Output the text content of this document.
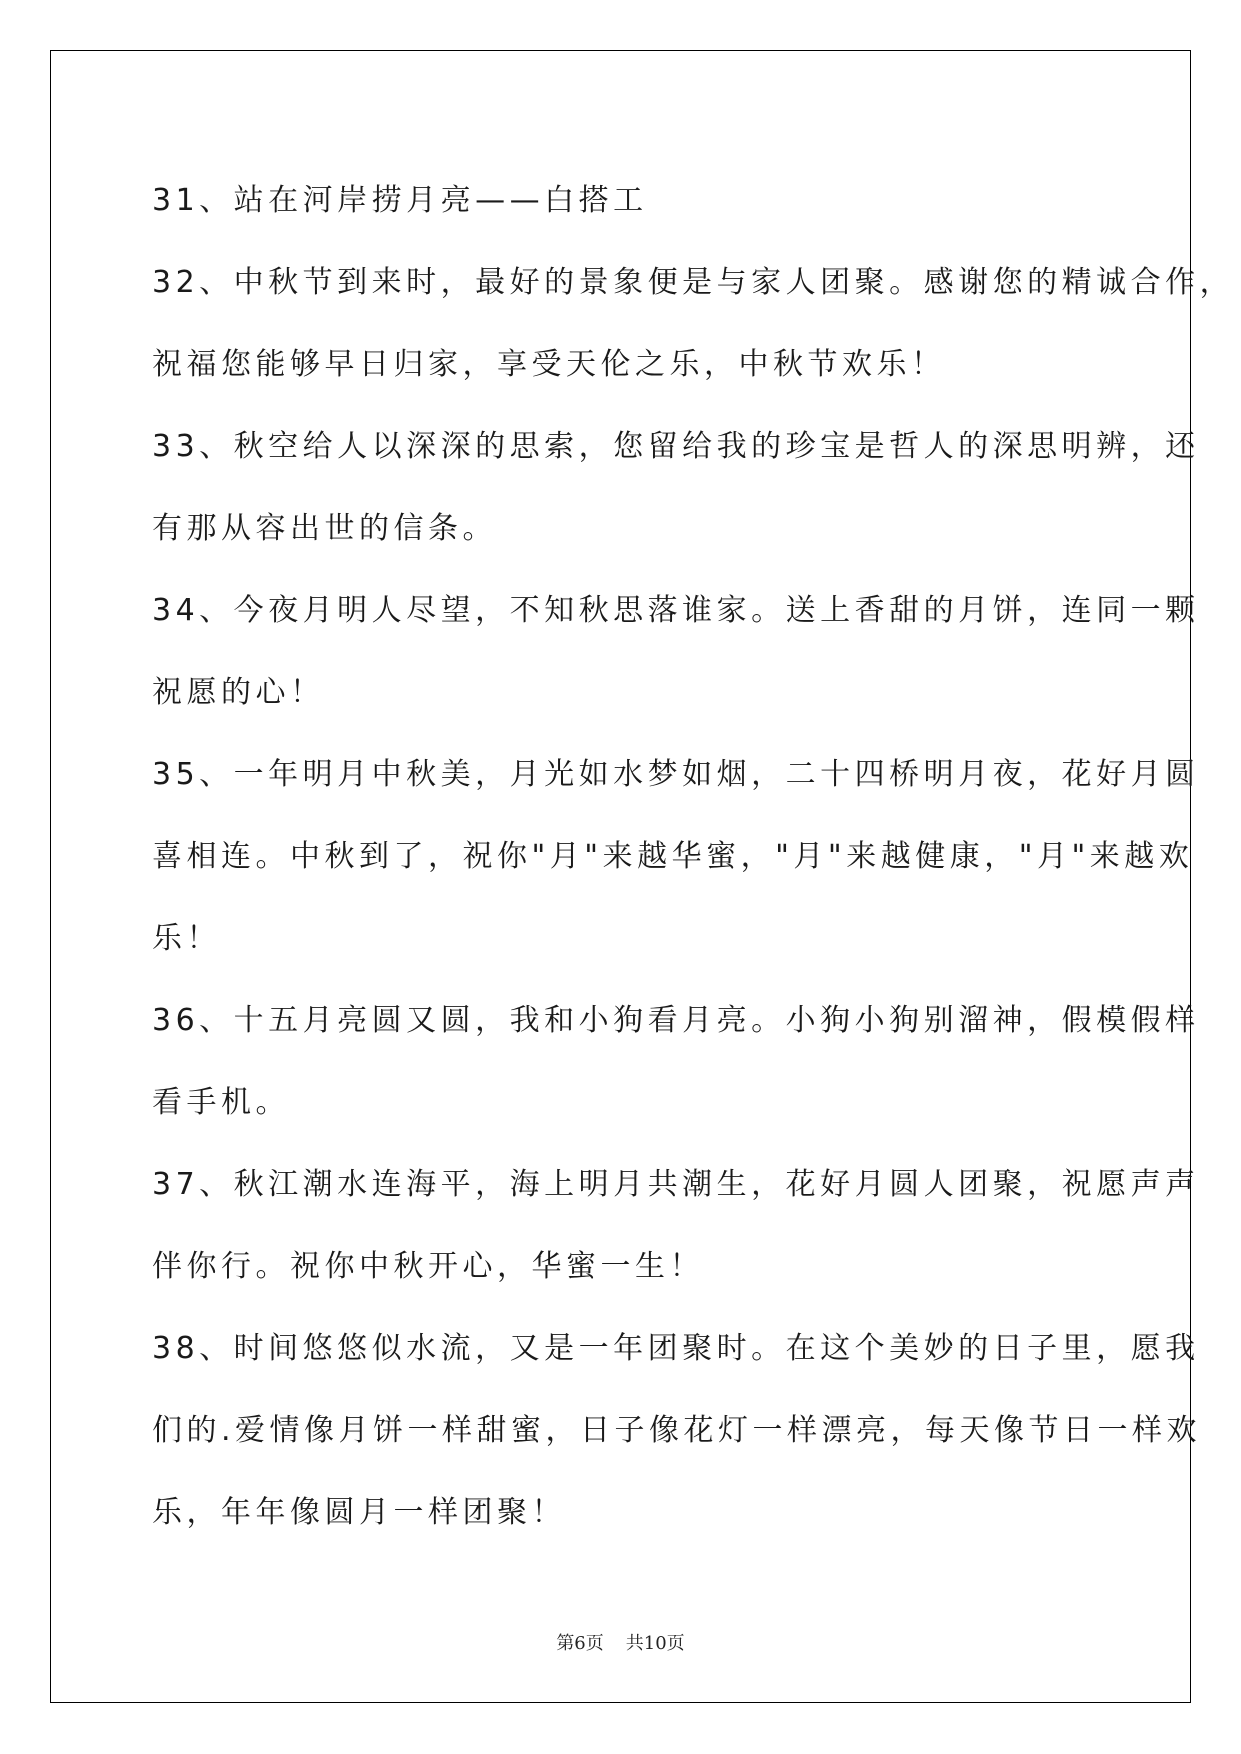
31、站在河岸捞月亮——白搭工
32、中秋节到来时，最好的景象便是与家人团聚。感谢您的精诚合作，
祝福您能够早日归家，享受天伦之乐，中秋节欢乐！
33、秋空给人以深深的思索，您留给我的珍宝是哲人的深思明辨，还
有那从容出世的信条。
34、今夜月明人尽望，不知秋思落谁家。送上香甜的月饼，连同一颗
祝愿的心！
35、一年明月中秋美，月光如水梦如烟，二十四桥明月夜，花好月圆
喜相连。中秋到了，祝你"月"来越华蜜，"月"来越健康，"月"来越欢
乐！
36、十五月亮圆又圆，我和小狗看月亮。小狗小狗别溜神，假模假样
看手机。
37、秋江潮水连海平，海上明月共潮生，花好月圆人团聚，祝愿声声
伴你行。祝你中秋开心，华蜜一生！
38、时间悠悠似水流，又是一年团聚时。在这个美妙的日子里，愿我
们的.爱情像月饼一样甜蜜，日子像花灯一样漂亮，每天像节日一样欢
乐，年年像圆月一样团聚！
第6页 共10页
